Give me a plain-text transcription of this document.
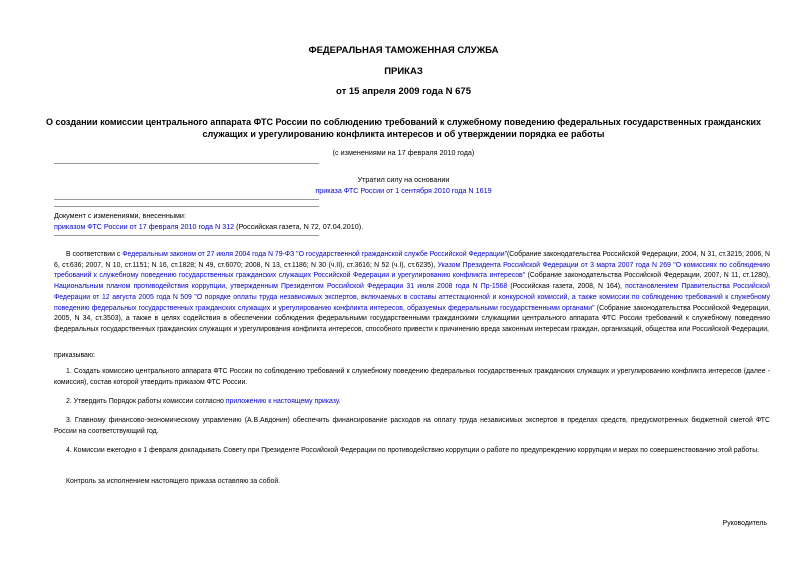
ФЕДЕРАЛЬНАЯ ТАМОЖЕННАЯ СЛУЖБА
ПРИКАЗ
от 15 апреля 2009 года N 675
О создании комиссии центрального аппарата ФТС России по соблюдению требований к служебному поведению федеральных государственных гражданских
служащих и урегулированию конфликта интересов и об утверждении порядка ее работы
(с изменениями на 17 февраля 2010 года)
Утратил силу на основании
приказа ФТС России от 1 сентября 2010 года N 1619
Документ с изменениями, внесенными:
приказом ФТС России от 17 февраля 2010 года N 312 (Российская газета, N 72, 07.04.2010).
В соответствии с Федеральным законом от 27 июля 2004 года N 79-ФЗ "О государственной гражданской службе Российской Федерации"(Собрание законодательства Российской Федерации, 2004, N 31, ст.3215; 2006, N 6, ст.636; 2007, N 10, ст.1151; N 16, ст.1828; N 49, ст.6070; 2008, N 13, ст.1186; N 30 (ч.II), ст.3616; N 52 (ч.I), ст.6235), Указом Президента Российской Федерации от 3 марта 2007 года N 269 "О комиссиях по соблюдению требований к служебному поведению государственных гражданских служащих Российской Федерации и урегулированию конфликта интересов" (Собрание законодательства Российской Федерации, 2007, N 11, ст.1280), Национальным планом противодействия коррупции, утвержденным Президентом Российской Федерации 31 июля 2008 года N Пр-1568 (Российская газета, 2008, N 164), постановлением Правительства Российской Федерации от 12 августа 2005 года N 509 "О порядке оплаты труда независимых экспертов, включаемых в составы аттестационной и конкурсной комиссий, а также комиссии по соблюдению требований к служебному поведению федеральных государственных гражданских служащих и урегулированию конфликта интересов, образуемых федеральными государственными органами" (Собрание законодательства Российской Федерации, 2005, N 34, ст.3503), а также в целях содействия в обеспечении соблюдения федеральными государственными гражданскими служащими центрального аппарата ФТС России требований к служебному поведению федеральных государственных гражданских служащих и урегулирования конфликта интересов, способного привести к причинению вреда законным интересам граждан, организаций, общества или Российской Федерации,
приказываю:
1. Создать комиссию центрального аппарата ФТС России по соблюдению требований к служебному поведению федеральных государственных гражданских служащих и урегулированию конфликта интересов (далее - комиссия), состав которой утвердить приказом ФТС России.
2. Утвердить Порядок работы комиссии согласно приложению к настоящему приказу.
3. Главному финансово-экономическому управлению (А.В.Авдонин) обеспечить финансирование расходов на оплату труда независимых экспертов в пределах средств, предусмотренных бюджетной сметой ФТС России на соответствующий год.
4. Комиссии ежегодно к 1 февраля докладывать Совету при Президенте Российской Федерации по противодействию коррупции о работе по предупреждению коррупции и мерах по совершенствованию этой работы.
Контроль за исполнением настоящего приказа оставляю за собой.
Руководитель
